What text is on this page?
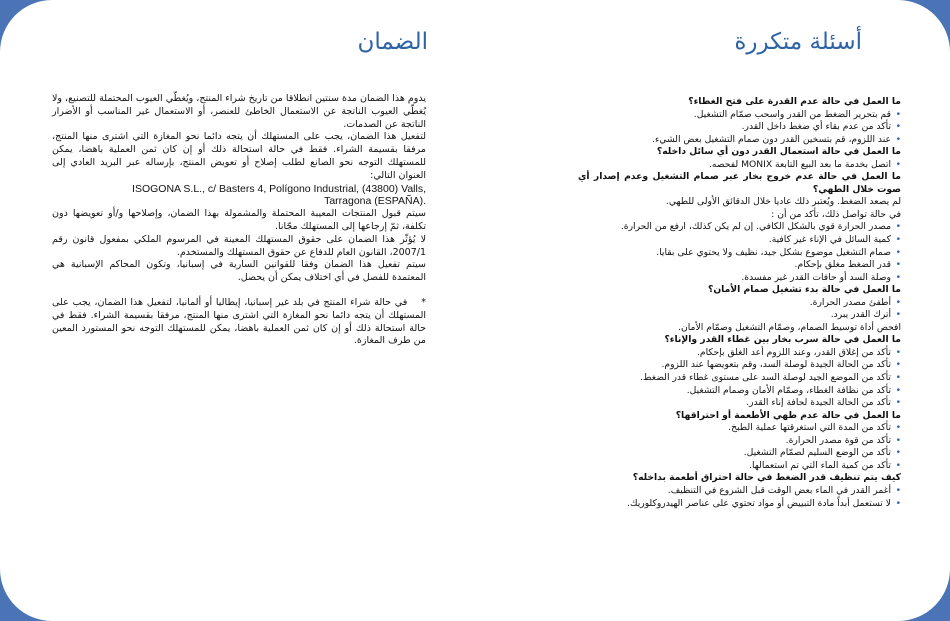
الضمان	أسئلة متكررة

يدوم هذا الضمان مدة سنتين انطلاقا من تاريخ شراء المنتج، ويُغطّي العيوب المحتملة للتصنيع، ولا يُغطّي العيوب الناتجة عن الاستعمال الخاطئ للعنصر، أو الاستعمال غير المناسب أو الأضرار الناتجة عن الصدمات.

لتفعيل هذا الضمان، يجب على المستهلك أن يتجه دائما نحو المغازة التي اشترى منها المنتج، مرفقا بقسيمة الشراء. فقط في حالة استحالة ذلك أو إن كان ثمن العملية باهضا، يمكن للمستهلك التوجه نحو الصانع لطلب إصلاح أو تعويض المنتج، بإرساله عبر البريد العادي إلى العنوان التالي:

ISOGONA S.L., c/ Basters 4, Polígono Industrial, (43800) Valls,

Tarragona (ESPAÑA).

سيتم قبول المنتجات المعيبة المحتملة والمشمولة بهذا الضمان، وإصلاحها و/أو تعويضها دون تكلفة، ثمّ إرجاعها إلى المستهلك مجّانا.

لا يُؤثّر هذا الضمان على حقوق المستهلك المعينة في المرسوم الملكي بمفعول قانون رقم 2007/1، القانون العام للدفاع عن حقوق المستهلك والمستخدم.

سيتم تفعيل هذا الضمان وفقا للقوانين السارية في إسبانيا، وتكون المحاكم الإسبانية هي المعتمدة للفصل في أي اختلاف يمكن أن يحصل.

*في حالة شراء المنتج في بلد غير إسبانيا، إيطاليا أو ألمانيا، لتفعيل هذا الضمان، يجب على المستهلك أن يتجه دائما نحو المغازة التي اشترى منها المنتج، مرفقا بقسيمة الشراء. فقط في حالة استحالة ذلك أو إن كان ثمن العملية باهضا، يمكن للمستهلك التوجه نحو المستورد المعين من طرف المغازة.

ما العمل في حالة عدم القدرة على فتح الغطاء؟

• قم بتحرير الضغط من القدر واسحب صمّام التشغيل.
• تأكد من عدم بقاء أي ضغط داخل القدر.
• عند اللزوم، قم بتسخين القدر دون صمام التشغيل بعض الشيء.

ما العمل في حالة استعمال القدر دون أي سائل داخله؟

• اتصل بخدمة ما بعد البيع التابعة MONIX لفحصه.

ما العمل في حالة عدم خروج بخار عبر صمام التشغيل وعدم إصدار أي صوت خلال الطهي؟

لم يصعد الضغط. ويُعتبر ذلك عاديا خلال الدقائق الأولى للطهي.
في حالة تواصل ذلك، تأكد من أن :
• مصدر الحرارة قوي بالشكل الكافي. إن لم يكن كذلك، ارفع من الحرارة.
• كمية السائل في الإناء غير كافية.
• صمام التشغيل موضوع بشكل جيد، نظيف ولا يحتوي على بقايا.
• قدر الضغط مغلق بإحكام.
• وصلة السد أو حافات القدر غير مفسدة.

ما العمل في حالة بدء تشغيل صمام الأمان؟

• أطفئ مصدر الحرارة.
• أترك القدر يبرد.
افحص أداة توسيط الصمام، وصمّام التشغيل وصمّام الأمان.

ما العمل في حالة سرب بخار بين غطاء القدر والإناء؟

• تأكد من إغلاق القدر، وعند اللزوم أعد الغلق بإحكام.
• تأكد من الحالة الجيدة لوصلة السد، وقم بتعويضها عند اللزوم.
• تأكد من الموضع الجيد لوصلة السد على مستوى غطاء قدر الضغط.
• تأكد من نظافة الغطاء، وصمّام الأمان وصمام التشغيل.
• تأكد من الحالة الجيدة لحافة إناء القدر.

ما العمل في حالة عدم طهي الأطعمة أو احتراقها؟

• تأكد من المدة التي استغرقتها عملية الطبخ.
• تأكد من قوة مصدر الحرارة.
• تأكد من الوضع السليم لصمّام التشغيل.
• تأكد من كمية الماء التي تم استعمالها.

كيف يتم تنظيف قدر الضغط في حالة احتراق أطعمة بداخله؟

• أغمر القدر في الماء بعض الوقت قبل الشروع في التنظيف.
• لا تستعمل أبداً مادة التبييض أو مواد تحتوي على عناصر الهيدروكلوريك.
